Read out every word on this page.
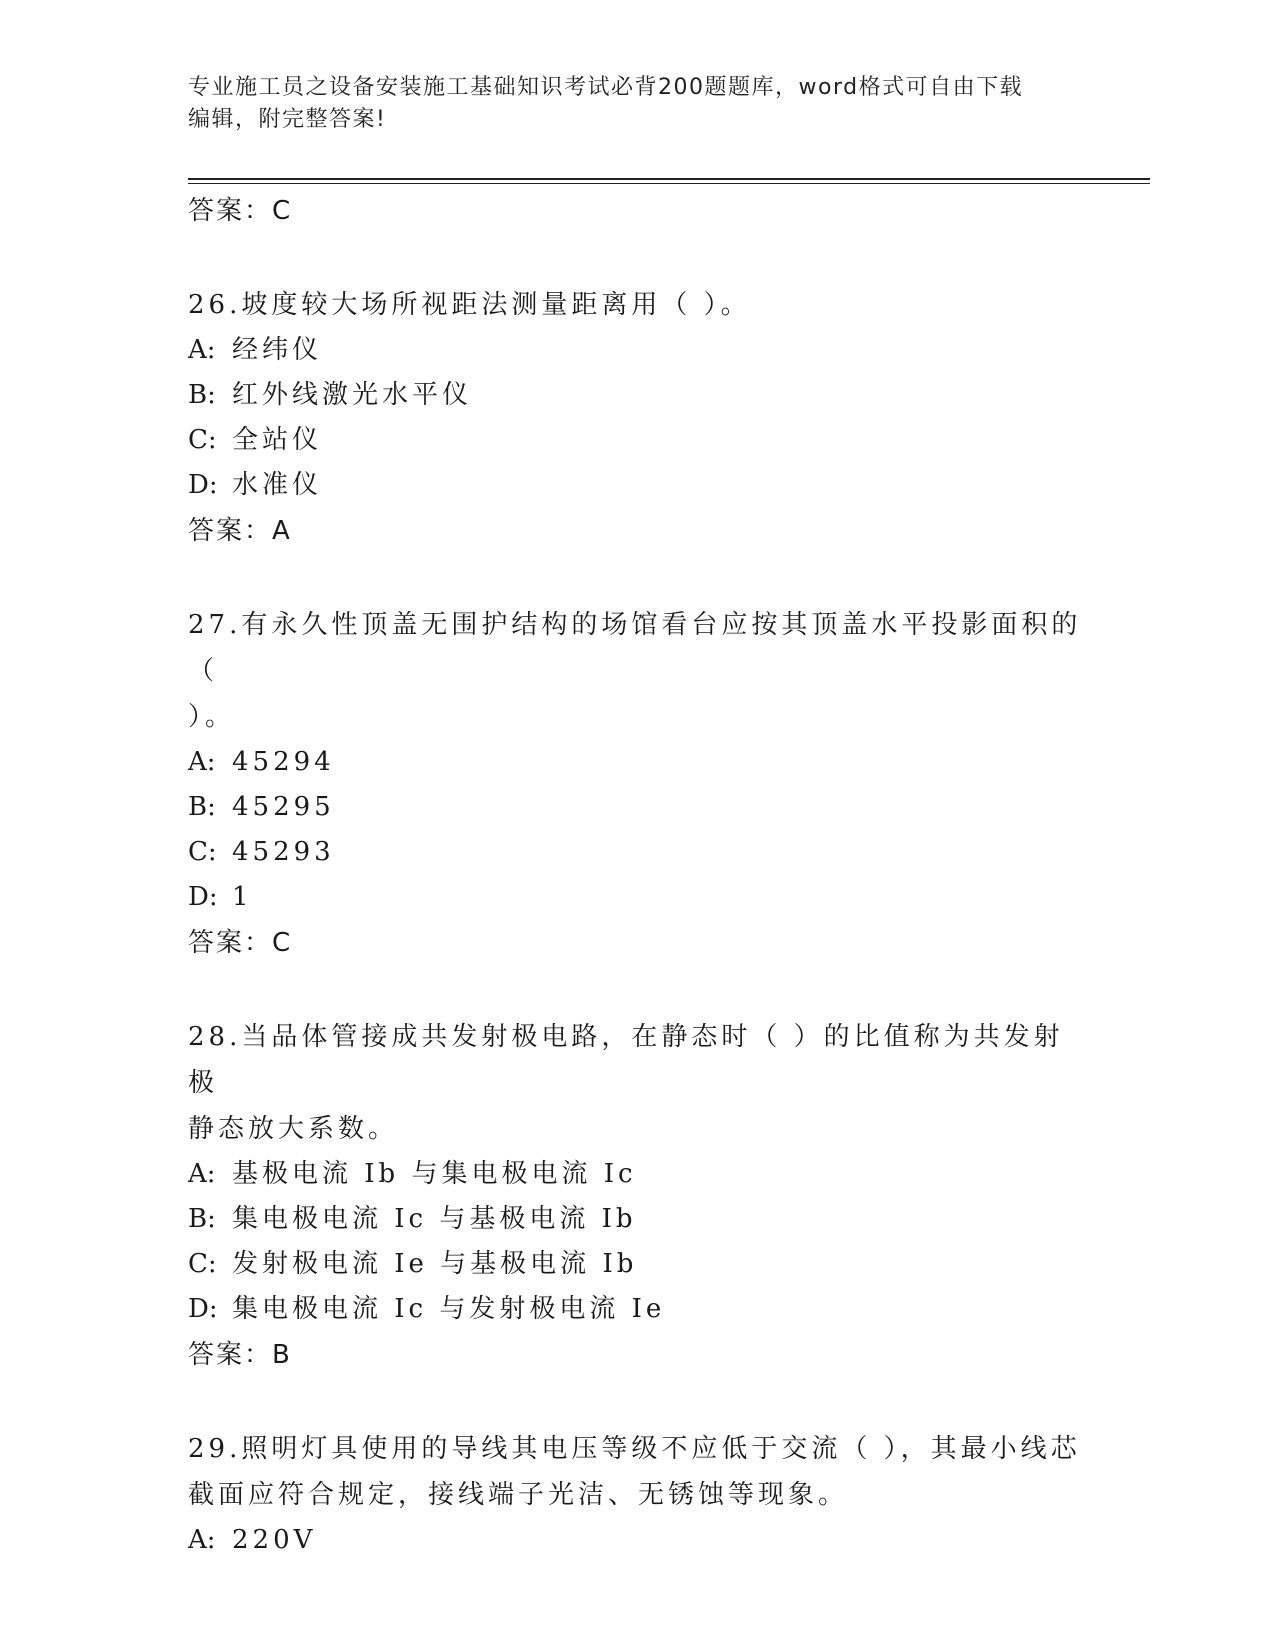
专业施工员之设备安装施工基础知识考试必背200题题库，word格式可自由下载
编辑，附完整答案!
答案：C
26.坡度较大场所视距法测量距离用（ ）。
A: 经纬仪
B: 红外线激光水平仪
C: 全站仪
D: 水准仪
答案：A
27.有永久性顶盖无围护结构的场馆看台应按其顶盖水平投影面积的（
）。
A: 45294
B: 45295
C: 45293
D: 1
答案：C
28.当品体管接成共发射极电路，在静态时（ ）的比值称为共发射极
静态放大系数。
A: 基极电流 Ib 与集电极电流 Ic
B: 集电极电流 Ic 与基极电流 Ib
C: 发射极电流 Ie 与基极电流 Ib
D: 集电极电流 Ic 与发射极电流 Ie
答案：B
29.照明灯具使用的导线其电压等级不应低于交流（ ），其最小线芯
截面应符合规定，接线端子光洁、无锈蚀等现象。
A: 220V
